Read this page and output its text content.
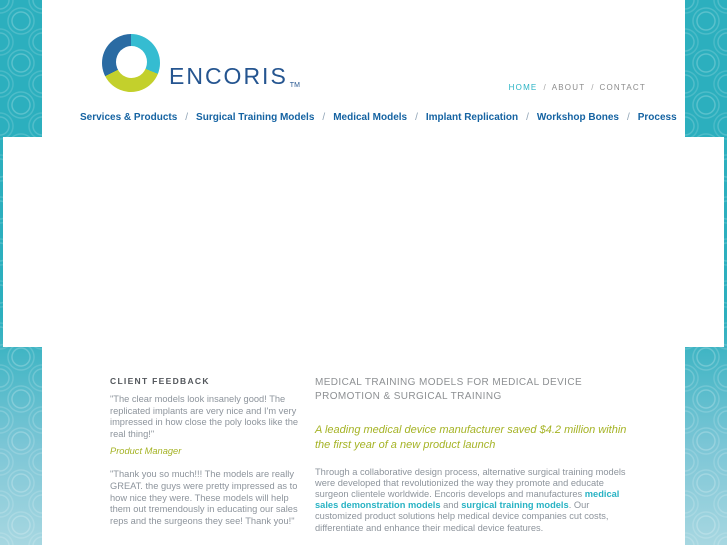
ENCORIS TM	HOME / ABOUT / CONTACT
Services & Products / Surgical Training Models / Medical Models / Implant Replication / Workshop Bones / Process
CLIENT FEEDBACK
"The clear models look insanely good! The replicated implants are very nice and I'm very impressed in how close the poly looks like the real thing!"
Product Manager
"Thank you so much!!! The models are really GREAT. the guys were pretty impressed as to how nice they were. These models will help them out tremendously in educating our sales reps and the surgeons they see! Thank you!"
MEDICAL TRAINING MODELS FOR MEDICAL DEVICE PROMOTION & SURGICAL TRAINING
A leading medical device manufacturer saved $4.2 million within the first year of a new product launch
Through a collaborative design process, alternative surgical training models were developed that revolutionized the way they promote and educate surgeon clientele worldwide. Encoris develops and manufactures medical sales demonstration models and surgical training models. Our customized product solutions help medical device companies cut costs, differentiate and enhance their medical device features.
